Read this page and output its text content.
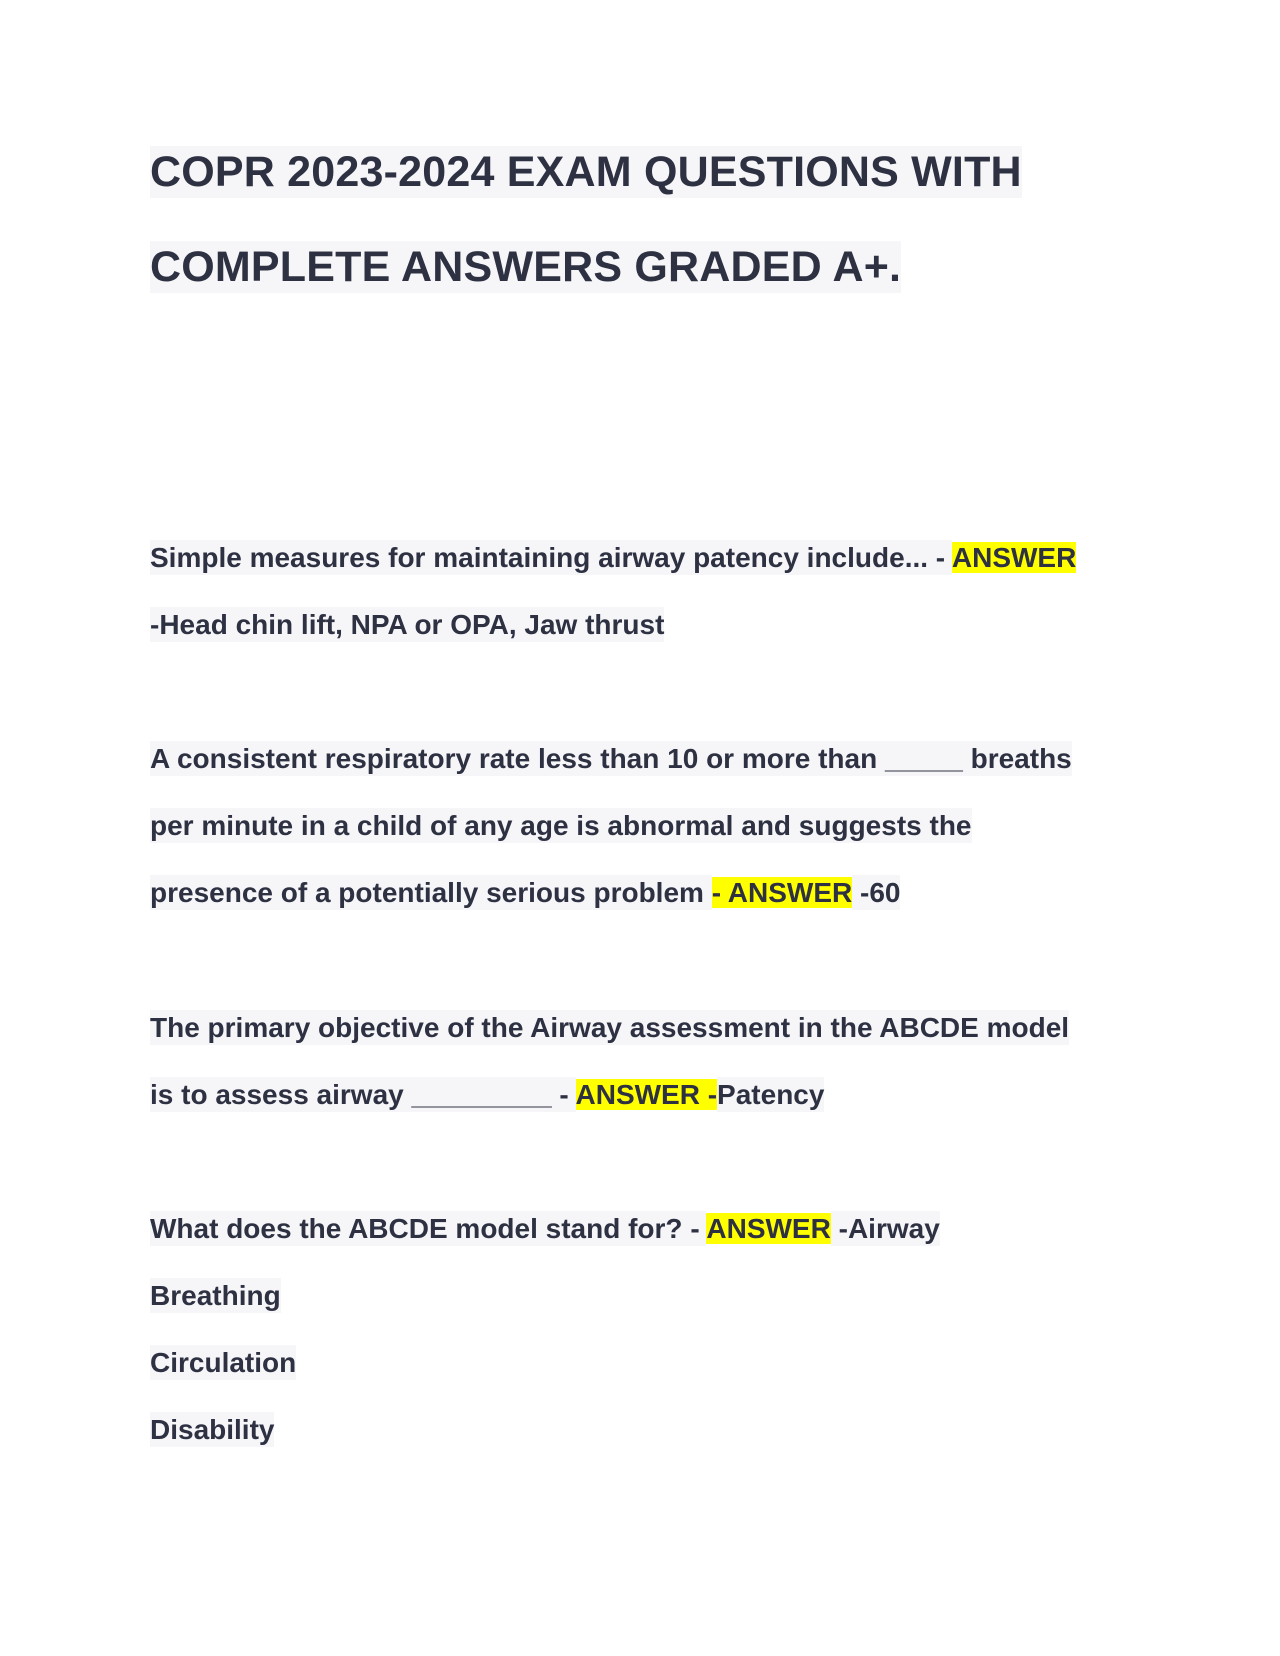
COPR 2023-2024 EXAM QUESTIONS WITH
COMPLETE ANSWERS GRADED A+.
Simple measures for maintaining airway patency include... - ANSWER
-Head chin lift, NPA or OPA, Jaw thrust
A consistent respiratory rate less than 10 or more than _____ breaths
per minute in a child of any age is abnormal and suggests the
presence of a potentially serious problem - ANSWER -60
The primary objective of the Airway assessment in the ABCDE model
is to assess airway _________ - ANSWER -Patency
What does the ABCDE model stand for? - ANSWER -Airway
Breathing
Circulation
Disability
